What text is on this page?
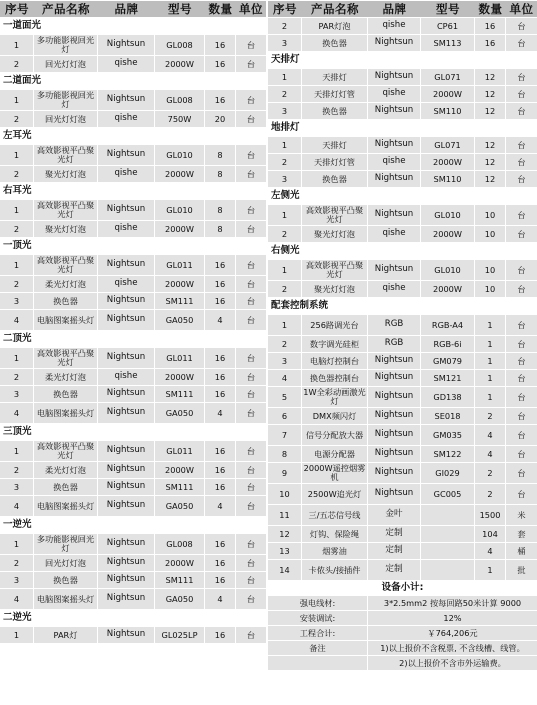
序号	产品名称	品牌	型号	数量	单位
一道面光					
1	多功能影视回光灯	Nightsun	GL008	16	台
2	回光灯灯泡	qishe	2000W	16	台
二道面光					
1	多功能影视回光灯	Nightsun	GL008	16	台
2	回光灯灯泡	qishe	750W	20	台
左耳光					
1	高效影视平凸聚光灯	Nightsun	GL010	8	台
2	聚光灯灯泡	qishe	2000W	8	台
右耳光					
1	高效影视平凸聚光灯	Nightsun	GL010	8	台
2	聚光灯灯泡	qishe	2000W	8	台
一顶光					
1	高效影视平凸聚光灯	Nightsun	GL011	16	台
2	柔光灯灯泡	qishe	2000W	16	台
3	换色器	Nightsun	SM111	16	台
4	电脑图案摇头灯	Nightsun	GA050	4	台
二顶光					
1	高效影视平凸聚光灯	Nightsun	GL011	16	台
2	柔光灯灯泡	qishe	2000W	16	台
3	换色器	Nightsun	SM111	16	台
4	电脑图案摇头灯	Nightsun	GA050	4	台
三顶光					
1	高效影视平凸聚光灯	Nightsun	GL011	16	台
2	柔光灯灯泡	Nightsun	2000W	16	台
3	换色器	Nightsun	SM111	16	台
4	电脑图案摇头灯	Nightsun	GA050	4	台
一逆光					
1	多功能影视回光灯	Nightsun	GL008	16	台
2	回光灯灯泡	Nightsun	2000W	16	台
3	换色器	Nightsun	SM111	16	台
4	电脑图案摇头灯	Nightsun	GA050	4	台
二逆光					
1	PAR灯	Nightsun	GL025LP	16	台
序号	产品名称	品牌	型号	数量	单位
2	PAR灯泡	qishe	CP61	16	台
3	换色器	Nightsun	SM113	16	台
天排灯					
1	天排灯	Nightsun	GL071	12	台
2	天排灯灯管	qishe	2000W	12	台
3	换色器	Nightsun	SM110	12	台
地排灯					
1	天排灯	Nightsun	GL071	12	台
2	天排灯灯管	qishe	2000W	12	台
3	换色器	Nightsun	SM110	12	台
左侧光					
1	高效影视平凸聚光灯	Nightsun	GL010	10	台
2	聚光灯灯泡	qishe	2000W	10	台
右侧光					
1	高效影视平凸聚光灯	Nightsun	GL010	10	台
2	聚光灯灯泡	qishe	2000W	10	台
配套控制系统					
1	256路调光台	RGB	RGB-A4	1	台
2	数字调光硅柜	RGB	RGB-6i	1	台
3	电脑灯控制台	Nightsun	GM079	1	台
4	换色器控制台	Nightsun	SM121	1	台
5	1W全彩动画激光灯	Nightsun	GD138	1	台
6	DMX频闪灯	Nightsun	SE018	2	台
7	信号分配放大器	Nightsun	GM035	4	台
8	电源分配器	Nightsun	SM122	4	台
9	2000W遥控烟雾机	Nightsun	GI029	2	台
10	2500W追光灯	Nightsun	GC005	2	台
11	三/五芯信号线	金叶		1500	米
12	灯钩、保险绳	定制		104	套
13	烟雾油	定制		4	桶
14	卡侬头/接插件	定制		1	批
设备小计:					
强电线材:		3*2.5mm2 按每回路50米计算 9000			
安装调试:		12%			
工程合计:		￥764,206元			
备注		1)以上报价不含税票, 不含线槽、线管。			
		2)以上报价不含市外运输费。			
